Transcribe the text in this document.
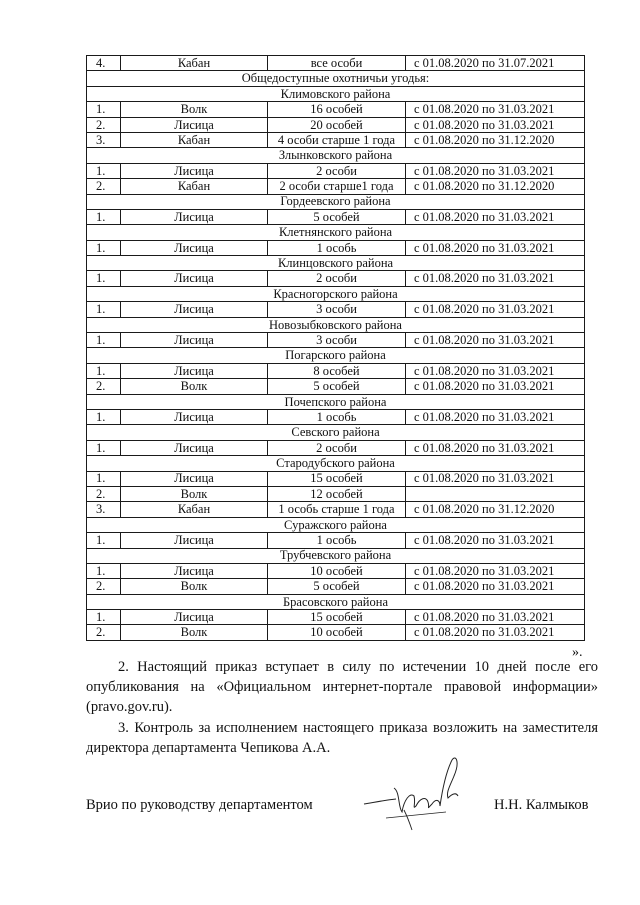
4.	Кабан	все особи	с 01.08.2020 по 31.07.2021
Общедоступные охотничьи угодья:			
Климовского района			
1.	Волк	16 особей	с 01.08.2020 по 31.03.2021
2.	Лисица	20 особей	с 01.08.2020 по 31.03.2021
3.	Кабан	4 особи старше 1 года	с 01.08.2020 по 31.12.2020
Злынковского района			
1.	Лисица	2 особи	с 01.08.2020 по 31.03.2021
2.	Кабан	2 особи старше1 года	с 01.08.2020 по 31.12.2020
Гордеевского района			
1.	Лисица	5 особей	с 01.08.2020 по 31.03.2021
Клетнянского района			
1.	Лисица	1 особь	с 01.08.2020 по 31.03.2021
Клинцовского района			
1.	Лисица	2 особи	с 01.08.2020 по 31.03.2021
Красногорского района			
1.	Лисица	3 особи	с 01.08.2020 по 31.03.2021
Новозыбковского района			
1.	Лисица	3 особи	с 01.08.2020 по 31.03.2021
Погарского района			
1.	Лисица	8 особей	с 01.08.2020 по 31.03.2021
2.	Волк	5 особей	с 01.08.2020 по 31.03.2021
Почепского района			
1.	Лисица	1 особь	с 01.08.2020 по 31.03.2021
Севского района			
1.	Лисица	2 особи	с 01.08.2020 по 31.03.2021
Стародубского района			
1.	Лисица	15 особей	с 01.08.2020 по 31.03.2021
2.	Волк	12 особей	
3.	Кабан	1 особь старше 1 года	с 01.08.2020 по 31.12.2020
Суражского района			
1.	Лисица	1 особь	с 01.08.2020 по 31.03.2021
Трубчевского района			
1.	Лисица	10 особей	с 01.08.2020 по 31.03.2021
2.	Волк	5 особей	с 01.08.2020 по 31.03.2021
Брасовского района			
1.	Лисица	15 особей	с 01.08.2020 по 31.03.2021
2.	Волк	10 особей	с 01.08.2020 по 31.03.2021
».

2. Настоящий приказ вступает в силу по истечении 10 дней после его опубликования на «Официальном интернет-портале правовой информации» (pravo.gov.ru).

3. Контроль за исполнением настоящего приказа возложить на заместителя директора департамента Чепикова А.А.

Врио по руководству департаментом	Н.Н. Калмыков
